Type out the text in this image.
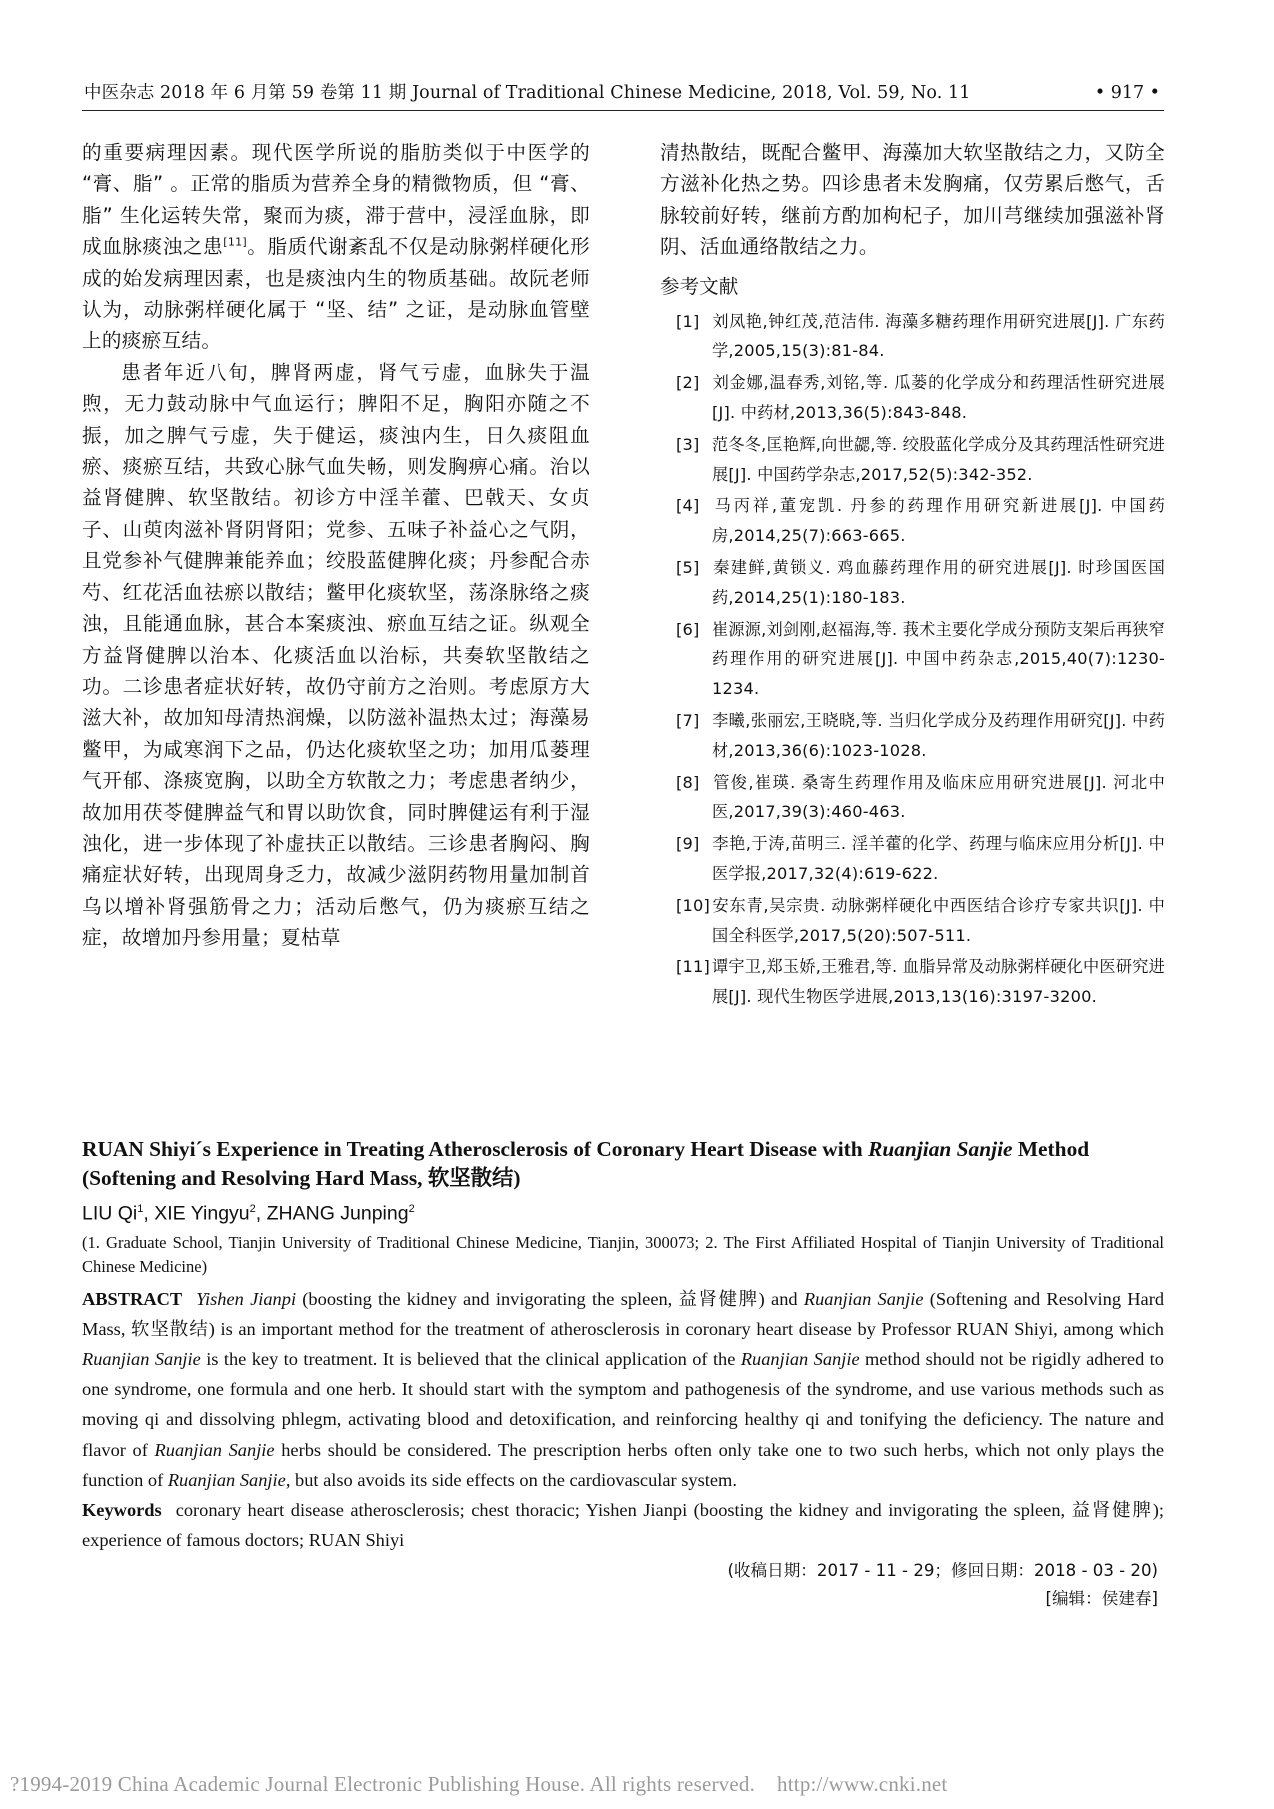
中医杂志 2018 年 6 月第 59 卷第 11 期 Journal of Traditional Chinese Medicine, 2018, Vol. 59, No. 11	• 917 •

的重要病理因素。现代医学所说的脂肪类似于中医学的 “膏、脂” 。正常的脂质为营养全身的精微物质，但 “膏、脂” 生化运转失常，聚而为痰，滞于营中，浸淫血脉，即成血脉痰浊之患[11]。脂质代谢紊乱不仅是动脉粥样硬化形成的始发病理因素，也是痰浊内生的物质基础。故阮老师认为，动脉粥样硬化属于 “坚、结” 之证，是动脉血管壁上的痰瘀互结。

患者年近八旬，脾肾两虚，肾气亏虚，血脉失于温煦，无力鼓动脉中气血运行；脾阳不足，胸阳亦随之不振，加之脾气亏虚，失于健运，痰浊内生，日久痰阻血瘀、痰瘀互结，共致心脉气血失畅，则发胸痹心痛。治以益肾健脾、软坚散结。初诊方中淫羊藿、巴戟天、女贞子、山萸肉滋补肾阴肾阳；党参、五味子补益心之气阴，且党参补气健脾兼能养血；绞股蓝健脾化痰；丹参配合赤芍、红花活血祛瘀以散结；鳖甲化痰软坚，荡涤脉络之痰浊，且能通血脉，甚合本案痰浊、瘀血互结之证。纵观全方益肾健脾以治本、化痰活血以治标，共奏软坚散结之功。二诊患者症状好转，故仍守前方之治则。考虑原方大滋大补，故加知母清热润燥，以防滋补温热太过；海藻易鳖甲，为咸寒润下之品，仍达化痰软坚之功；加用瓜蒌理气开郁、涤痰宽胸，以助全方软散之力；考虑患者纳少，故加用茯苓健脾益气和胃以助饮食，同时脾健运有利于湿浊化，进一步体现了补虚扶正以散结。三诊患者胸闷、胸痛症状好转，出现周身乏力，故减少滋阴药物用量加制首乌以增补肾强筋骨之力；活动后憋气，仍为痰瘀互结之症，故增加丹参用量；夏枯草

清热散结，既配合鳖甲、海藻加大软坚散结之力，又防全方滋补化热之势。四诊患者未发胸痛，仅劳累后憋气，舌脉较前好转，继前方酌加枸杞子，加川芎继续加强滋补肾阴、活血通络散结之力。

参考文献
[1] 刘凤艳,钟红茂,范洁伟. 海藻多糖药理作用研究进展[J]. 广东药学,2005,15(3):81-84.
[2] 刘金娜,温春秀,刘铭,等. 瓜蒌的化学成分和药理活性研究进展[J]. 中药材,2013,36(5):843-848.
[3] 范冬冬,匡艳辉,向世勰,等. 绞股蓝化学成分及其药理活性研究进展[J]. 中国药学杂志,2017,52(5):342-352.
[4] 马丙祥,董宠凯. 丹参的药理作用研究新进展[J]. 中国药房,2014,25(7):663-665.
[5] 秦建鲜,黄锁义. 鸡血藤药理作用的研究进展[J]. 时珍国医国药,2014,25(1):180-183.
[6] 崔源源,刘剑刚,赵福海,等. 莪术主要化学成分预防支架后再狭窄药理作用的研究进展[J]. 中国中药杂志,2015,40(7):1230-1234.
[7] 李曦,张丽宏,王晓晓,等. 当归化学成分及药理作用研究[J]. 中药材,2013,36(6):1023-1028.
[8] 管俊,崔瑛. 桑寄生药理作用及临床应用研究进展[J]. 河北中医,2017,39(3):460-463.
[9] 李艳,于涛,苗明三. 淫羊藿的化学、药理与临床应用分析[J]. 中医学报,2017,32(4):619-622.
[10] 安东青,吴宗贵. 动脉粥样硬化中西医结合诊疗专家共识[J]. 中国全科医学,2017,5(20):507-511.
[11] 谭宇卫,郑玉娇,王雅君,等. 血脂异常及动脉粥样硬化中医研究进展[J]. 现代生物医学进展,2013,13(16):3197-3200.

RUAN Shiyi´s Experience in Treating Atherosclerosis of Coronary Heart Disease with Ruanjian Sanjie Method
(Softening and Resolving Hard Mass, 软坚散结)

LIU Qi$^1$, XIE Yingyu$^2$, ZHANG Junping$^2$

(1. Graduate School, Tianjin University of Traditional Chinese Medicine, Tianjin, 300073; 2. The First Affiliated Hospital of Tianjin University of Traditional Chinese Medicine)

ABSTRACT Yishen Jianpi (boosting the kidney and invigorating the spleen, 益肾健脾) and Ruanjian Sanjie (Softening and Resolving Hard Mass, 软坚散结) is an important method for the treatment of atherosclerosis in coronary heart disease by Professor RUAN Shiyi, among which Ruanjian Sanjie is the key to treatment. It is believed that the clinical application of the Ruanjian Sanjie method should not be rigidly adhered to one syndrome, one formula and one herb. It should start with the symptom and pathogenesis of the syndrome, and use various methods such as moving qi and dissolving phlegm, activating blood and detoxification, and reinforcing healthy qi and tonifying the deficiency. The nature and flavor of Ruanjian Sanjie herbs should be considered. The prescription herbs often only take one to two such herbs, which not only plays the function of Ruanjian Sanjie, but also avoids its side effects on the cardiovascular system.

Keywords coronary heart disease atherosclerosis; chest thoracic; Yishen Jianpi (boosting the kidney and invigorating the spleen, 益肾健脾); experience of famous doctors; RUAN Shiyi

(收稿日期：2017 - 11 - 29；修回日期：2018 - 03 - 20)

[编辑：侯建春]

?1994-2019 China Academic Journal Electronic Publishing House. All rights reserved. http://www.cnki.net
